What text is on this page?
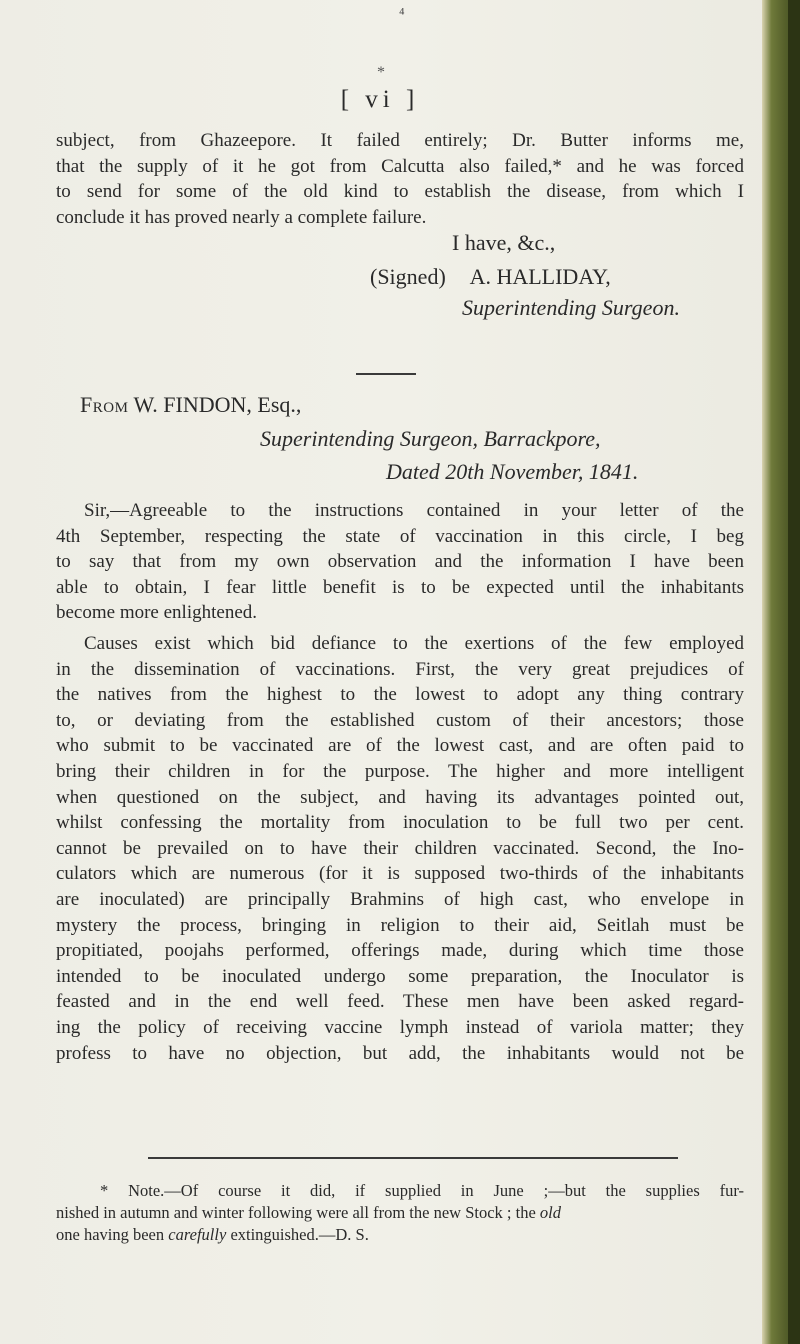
⁴
*
[ vi ]
subject, from Ghazeepore. It failed entirely; Dr. Butter informs me,
that the supply of it he got from Calcutta also failed,* and he was forced
to send for some of the old kind to establish the disease, from which I
conclude it has proved nearly a complete failure.
I have, &c.,
(Signed) A. HALLIDAY,
Superintending Surgeon.
From W. FINDON, Esq.,
Superintending Surgeon, Barrackpore,
Dated 20th November, 1841.
Sir,—Agreeable to the instructions contained in your letter of the
4th September, respecting the state of vaccination in this circle, I beg
to say that from my own observation and the information I have been
able to obtain, I fear little benefit is to be expected until the inhabitants
become more enlightened.
Causes exist which bid defiance to the exertions of the few employed
in the dissemination of vaccinations. First, the very great prejudices of
the natives from the highest to the lowest to adopt any thing contrary
to, or deviating from the established custom of their ancestors; those
who submit to be vaccinated are of the lowest cast, and are often paid to
bring their children in for the purpose. The higher and more intelligent
when questioned on the subject, and having its advantages pointed out,
whilst confessing the mortality from inoculation to be full two per cent.
cannot be prevailed on to have their children vaccinated. Second, the Ino-
culators which are numerous (for it is supposed two-thirds of the inhabitants
are inoculated) are principally Brahmins of high cast, who envelope in
mystery the process, bringing in religion to their aid, Seitlah must be
propitiated, poojahs performed, offerings made, during which time those
intended to be inoculated undergo some preparation, the Inoculator is
feasted and in the end well feed. These men have been asked regard-
ing the policy of receiving vaccine lymph instead of variola matter; they
profess to have no objection, but add, the inhabitants would not be
* Note.—Of course it did, if supplied in June ;—but the supplies fur-
nished in autumn and winter following were all from the new Stock ; the old
one having been carefully extinguished.—D. S.
